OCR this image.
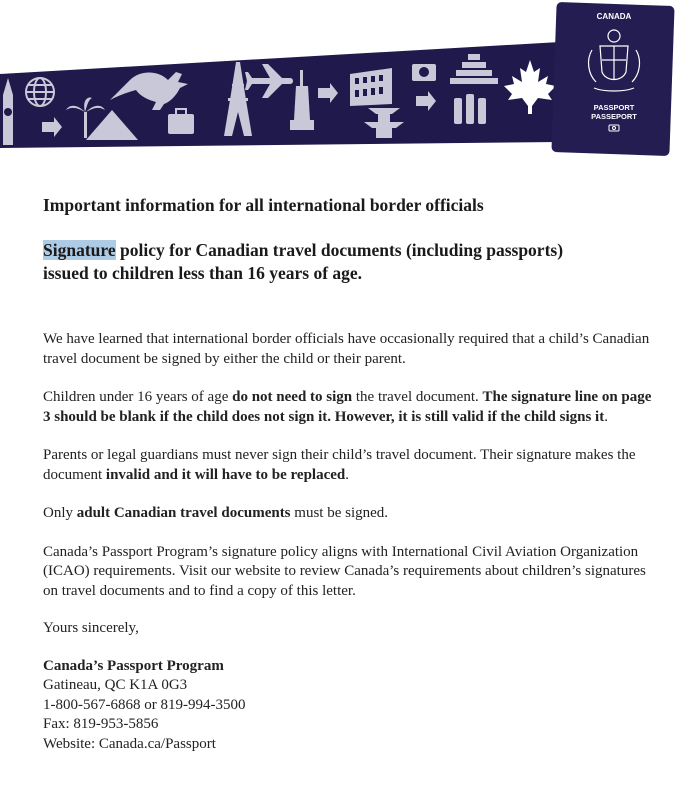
CANADA
PASSPORT
PASSEPORT
Important information for all international border officials
Signature policy for Canadian travel documents (including passports)
issued to children less than 16 years of age.

We have learned that international border officials have occasionally required that a child’s Canadian travel document be signed by either the child or their parent.

Children under 16 years of age do not need to sign the travel document. The signature line on page 3 should be blank if the child does not sign it. However, it is still valid if the child signs it.

Parents or legal guardians must never sign their child’s travel document. Their signature makes the document invalid and it will have to be replaced.

Only adult Canadian travel documents must be signed.

Canada’s Passport Program’s signature policy aligns with International Civil Aviation Organization (ICAO) requirements. Visit our website to review Canada’s requirements about children’s signatures on travel documents and to find a copy of this letter.

Yours sincerely,

Canada’s Passport Program
Gatineau, QC K1A 0G3
1-800-567-6868 or 819-994-3500
Fax: 819-953-5856
Website: Canada.ca/Passport
